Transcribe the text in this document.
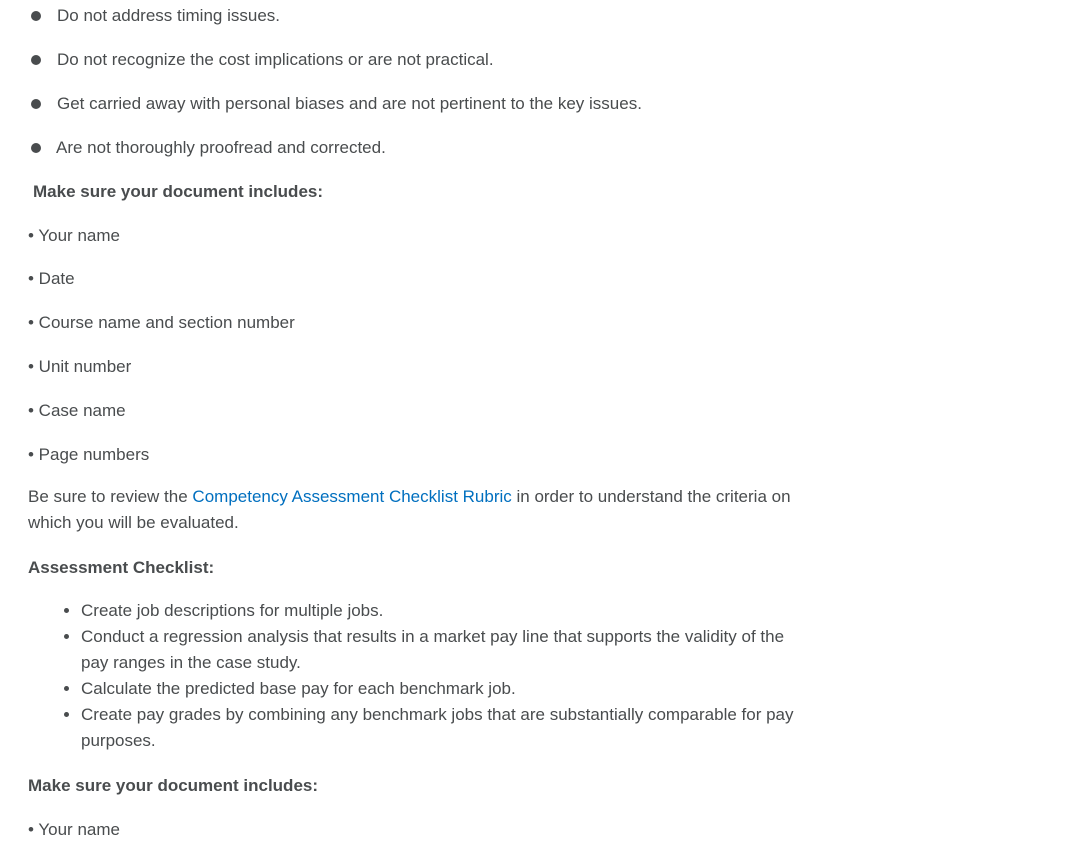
Do not address timing issues.
Do not recognize the cost implications or are not practical.
Get carried away with personal biases and are not pertinent to the key issues.
Are not thoroughly proofread and corrected.
Make sure your document includes:
• Your name
• Date
• Course name and section number
• Unit number
• Case name
• Page numbers
Be sure to review the Competency Assessment Checklist Rubric in order to understand the criteria on which you will be evaluated.
Assessment Checklist:
• Create job descriptions for multiple jobs.
• Conduct a regression analysis that results in a market pay line that supports the validity of the pay ranges in the case study.
• Calculate the predicted base pay for each benchmark job.
• Create pay grades by combining any benchmark jobs that are substantially comparable for pay purposes.
Make sure your document includes:
• Your name
